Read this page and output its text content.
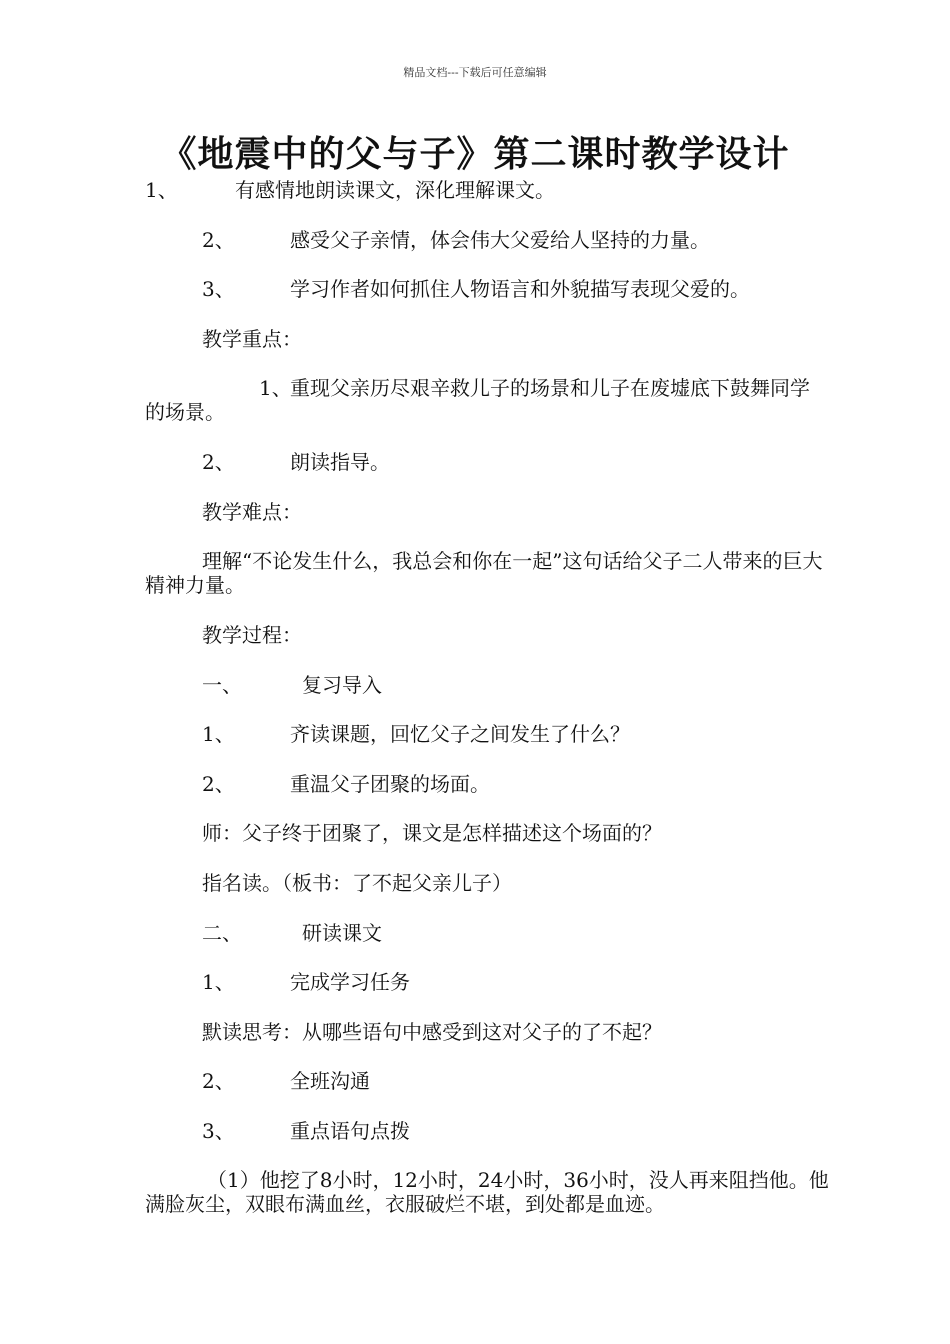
精品文档---下载后可任意编辑
《地震中的父与子》第二课时教学设计
1、	有感情地朗读课文，深化理解课文。
2、	感受父子亲情，体会伟大父爱给人坚持的力量。
3、	学习作者如何抓住人物语言和外貌描写表现父爱的。
教学重点：
1、重现父亲历尽艰辛救儿子的场景和儿子在废墟底下鼓舞同学的场景。
2、	朗读指导。
教学难点：
理解“不论发生什么，我总会和你在一起”这句话给父子二人带来的巨大精神力量。
教学过程：
一、	复习导入
1、	齐读课题，回忆父子之间发生了什么？
2、	重温父子团聚的场面。
师：父子终于团聚了，课文是怎样描述这个场面的？
指名读。（板书：了不起父亲儿子）
二、	研读课文
1、	完成学习任务
默读思考：从哪些语句中感受到这对父子的了不起？
2、	全班沟通
3、	重点语句点拨
（1）他挖了8小时，12小时，24小时，36小时，没人再来阻挡他。他满脸灰尘，双眼布满血丝，衣服破烂不堪，到处都是血迹。
